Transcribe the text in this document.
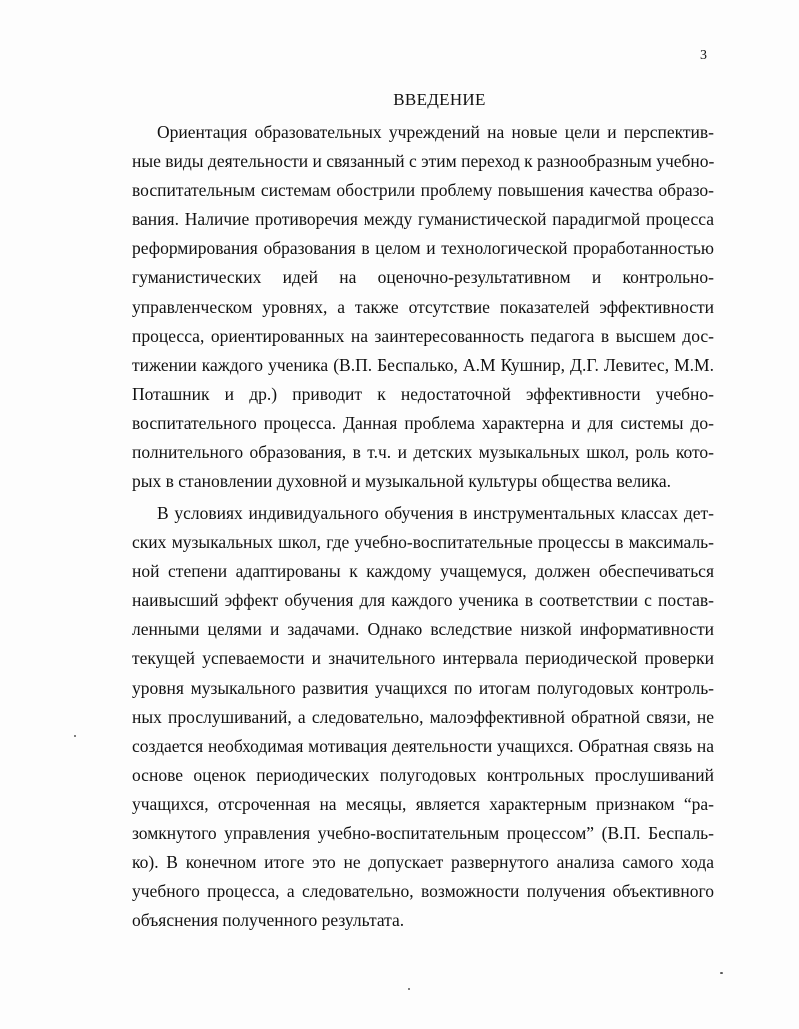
3
ВВЕДЕНИЕ
Ориентация образовательных учреждений на новые цели и перспектив-
ные виды деятельности и связанный с этим переход к разнообразным учебно-
воспитательным системам обострили проблему повышения качества образо-
вания. Наличие противоречия между гуманистической парадигмой процесса
реформирования образования в целом и технологической проработанностью
гуманистических идей на оценочно-результативном и контрольно-
управленческом уровнях, а также отсутствие показателей эффективности
процесса, ориентированных на заинтересованность педагога в высшем дос-
тижении каждого ученика (В.П. Беспалько, А.М Кушнир, Д.Г. Левитес, М.М.
Поташник и др.) приводит к недостаточной эффективности учебно-
воспитательного процесса. Данная проблема характерна и для системы до-
полнительного образования, в т.ч. и детских музыкальных школ, роль кото-
рых в становлении духовной и музыкальной культуры общества велика.
В условиях индивидуального обучения в инструментальных классах дет-
ских музыкальных школ, где учебно-воспитательные процессы в максималь-
ной степени адаптированы к каждому учащемуся, должен обеспечиваться
наивысший эффект обучения для каждого ученика в соответствии с постав-
ленными целями и задачами. Однако вследствие низкой информативности
текущей успеваемости и значительного интервала периодической проверки
уровня музыкального развития учащихся по итогам полугодовых контроль-
ных прослушиваний, а следовательно, малоэффективной обратной связи, не
создается необходимая мотивация деятельности учащихся. Обратная связь на
основе оценок периодических полугодовых контрольных прослушиваний
учащихся, отсроченная на месяцы, является характерным признаком “ра-
зомкнутого управления учебно-воспитательным процессом” (В.П. Беспаль-
ко). В конечном итоге это не допускает развернутого анализа самого хода
учебного процесса, а следовательно, возможности получения объективного
объяснения полученного результата.
